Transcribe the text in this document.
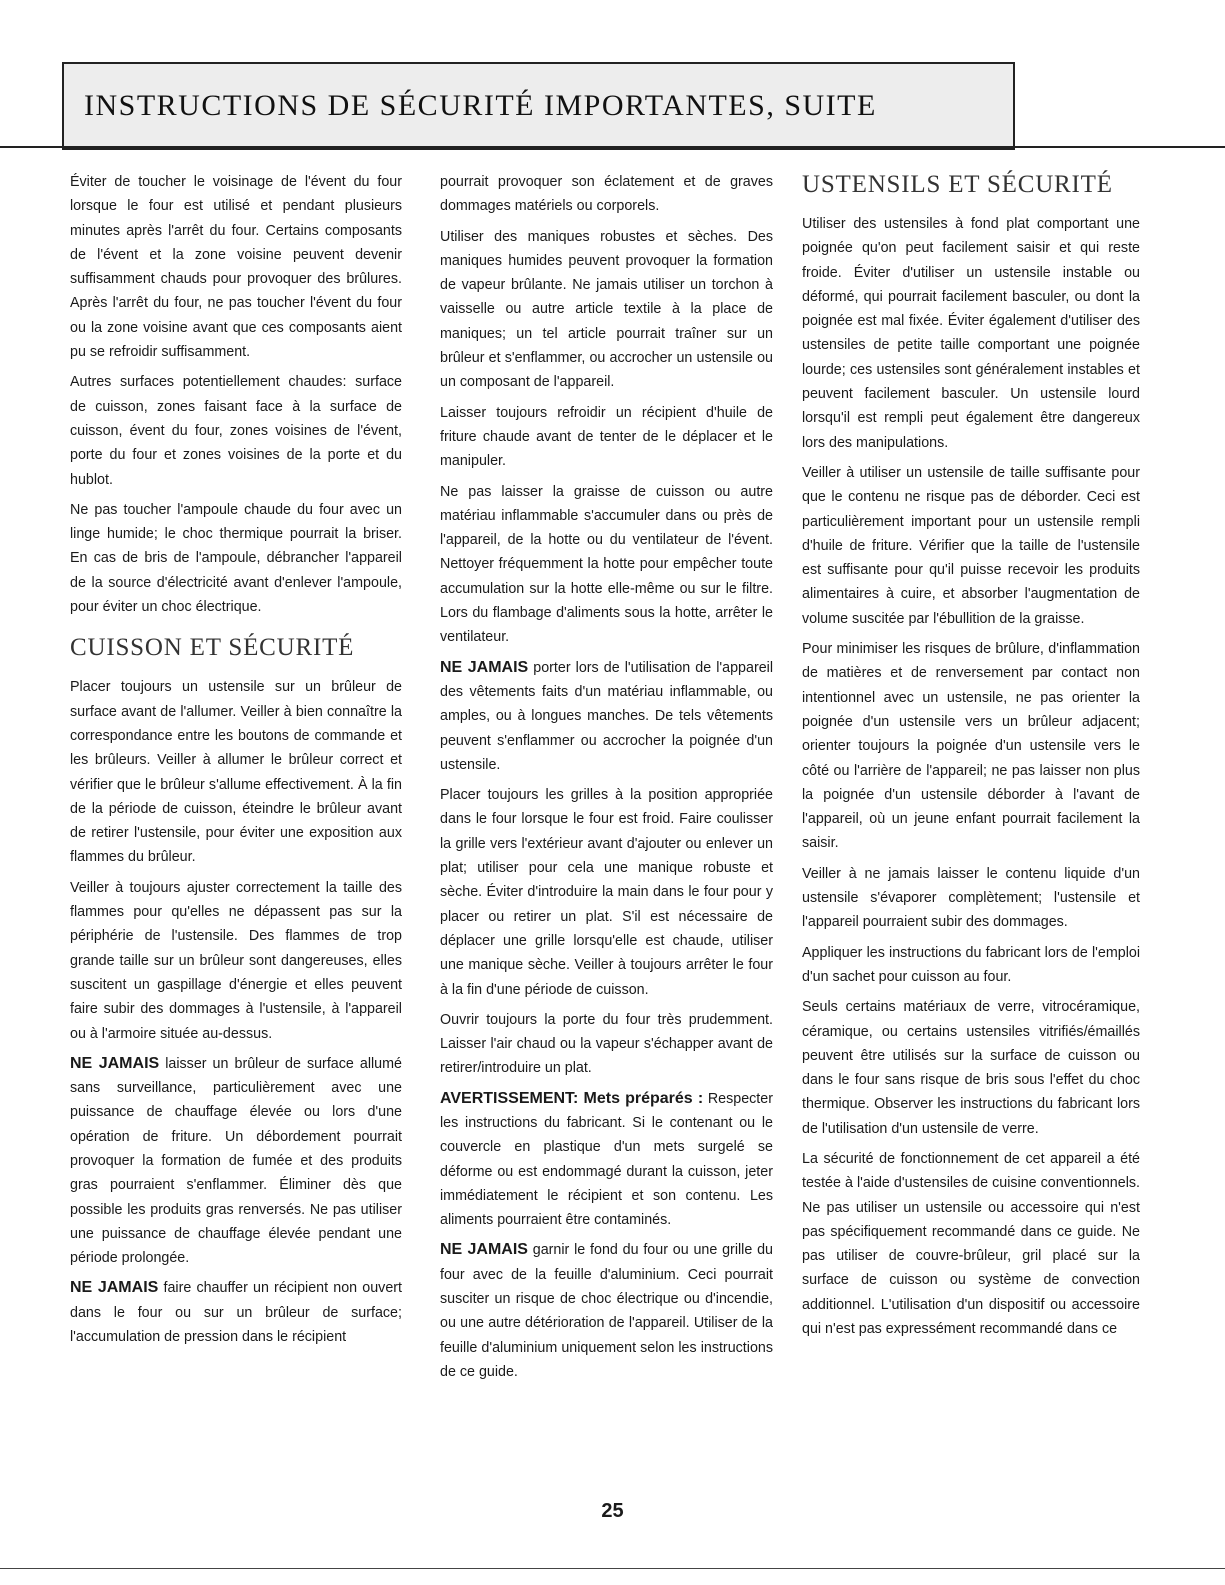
INSTRUCTIONS DE SÉCURITÉ IMPORTANTES, SUITE

Éviter de toucher le voisinage de l'évent du four lorsque le four est utilisé et pendant plusieurs minutes après l'arrêt du four. Certains composants de l'évent et la zone voisine peuvent devenir suffisamment chauds pour provoquer des brûlures. Après l'arrêt du four, ne pas toucher l'évent du four ou la zone voisine avant que ces composants aient pu se refroidir suffisamment.

Autres surfaces potentiellement chaudes: surface de cuisson, zones faisant face à la surface de cuisson, évent du four, zones voisines de l'évent, porte du four et zones voisines de la porte et du hublot.

Ne pas toucher l'ampoule chaude du four avec un linge humide; le choc thermique pourrait la briser. En cas de bris de l'ampoule, débrancher l'appareil de la source d'électricité avant d'enlever l'ampoule, pour éviter un choc électrique.

CUISSON ET SÉCURITÉ

Placer toujours un ustensile sur un brûleur de surface avant de l'allumer. Veiller à bien connaître la correspondance entre les boutons de commande et les brûleurs. Veiller à allumer le brûleur correct et vérifier que le brûleur s'allume effectivement. À la fin de la période de cuisson, éteindre le brûleur avant de retirer l'ustensile, pour éviter une exposition aux flammes du brûleur.

Veiller à toujours ajuster correctement la taille des flammes pour qu'elles ne dépassent pas sur la périphérie de l'ustensile. Des flammes de trop grande taille sur un brûleur sont dangereuses, elles suscitent un gaspillage d'énergie et elles peuvent faire subir des dommages à l'ustensile, à l'appareil ou à l'armoire située au-dessus.

NE JAMAIS laisser un brûleur de surface allumé sans surveillance, particulièrement avec une puissance de chauffage élevée ou lors d'une opération de friture. Un débordement pourrait provoquer la formation de fumée et des produits gras pourraient s'enflammer. Éliminer dès que possible les produits gras renversés. Ne pas utiliser une puissance de chauffage élevée pendant une période prolongée.

NE JAMAIS faire chauffer un récipient non ouvert dans le four ou sur un brûleur de surface; l'accumulation de pression dans le récipient

pourrait provoquer son éclatement et de graves dommages matériels ou corporels.

Utiliser des maniques robustes et sèches. Des maniques humides peuvent provoquer la formation de vapeur brûlante. Ne jamais utiliser un torchon à vaisselle ou autre article textile à la place de maniques; un tel article pourrait traîner sur un brûleur et s'enflammer, ou accrocher un ustensile ou un composant de l'appareil.

Laisser toujours refroidir un récipient d'huile de friture chaude avant de tenter de le déplacer et le manipuler.

Ne pas laisser la graisse de cuisson ou autre matériau inflammable s'accumuler dans ou près de l'appareil, de la hotte ou du ventilateur de l'évent. Nettoyer fréquemment la hotte pour empêcher toute accumulation sur la hotte elle-même ou sur le filtre. Lors du flambage d'aliments sous la hotte, arrêter le ventilateur.

NE JAMAIS porter lors de l'utilisation de l'appareil des vêtements faits d'un matériau inflammable, ou amples, ou à longues manches. De tels vêtements peuvent s'enflammer ou accrocher la poignée d'un ustensile.

Placer toujours les grilles à la position appropriée dans le four lorsque le four est froid. Faire coulisser la grille vers l'extérieur avant d'ajouter ou enlever un plat; utiliser pour cela une manique robuste et sèche. Éviter d'introduire la main dans le four pour y placer ou retirer un plat. S'il est nécessaire de déplacer une grille lorsqu'elle est chaude, utiliser une manique sèche. Veiller à toujours arrêter le four à la fin d'une période de cuisson.

Ouvrir toujours la porte du four très prudemment. Laisser l'air chaud ou la vapeur s'échapper avant de retirer/introduire un plat.

AVERTISSEMENT: Mets préparés : Respecter les instructions du fabricant. Si le contenant ou le couvercle en plastique d'un mets surgelé se déforme ou est endommagé durant la cuisson, jeter immédiatement le récipient et son contenu. Les aliments pourraient être contaminés.

NE JAMAIS garnir le fond du four ou une grille du four avec de la feuille d'aluminium. Ceci pourrait susciter un risque de choc électrique ou d'incendie, ou une autre détérioration de l'appareil. Utiliser de la feuille d'aluminium uniquement selon les instructions de ce guide.

USTENSILS ET SÉCURITÉ

Utiliser des ustensiles à fond plat comportant une poignée qu'on peut facilement saisir et qui reste froide. Éviter d'utiliser un ustensile instable ou déformé, qui pourrait facilement basculer, ou dont la poignée est mal fixée. Éviter également d'utiliser des ustensiles de petite taille comportant une poignée lourde; ces ustensiles sont généralement instables et peuvent facilement basculer. Un ustensile lourd lorsqu'il est rempli peut également être dangereux lors des manipulations.

Veiller à utiliser un ustensile de taille suffisante pour que le contenu ne risque pas de déborder. Ceci est particulièrement important pour un ustensile rempli d'huile de friture. Vérifier que la taille de l'ustensile est suffisante pour qu'il puisse recevoir les produits alimentaires à cuire, et absorber l'augmentation de volume suscitée par l'ébullition de la graisse.

Pour minimiser les risques de brûlure, d'inflammation de matières et de renversement par contact non intentionnel avec un ustensile, ne pas orienter la poignée d'un ustensile vers un brûleur adjacent; orienter toujours la poignée d'un ustensile vers le côté ou l'arrière de l'appareil; ne pas laisser non plus la poignée d'un ustensile déborder à l'avant de l'appareil, où un jeune enfant pourrait facilement la saisir.

Veiller à ne jamais laisser le contenu liquide d'un ustensile s'évaporer complètement; l'ustensile et l'appareil pourraient subir des dommages.

Appliquer les instructions du fabricant lors de l'emploi d'un sachet pour cuisson au four.

Seuls certains matériaux de verre, vitrocéramique, céramique, ou certains ustensiles vitrifiés/émaillés peuvent être utilisés sur la surface de cuisson ou dans le four sans risque de bris sous l'effet du choc thermique. Observer les instructions du fabricant lors de l'utilisation d'un ustensile de verre.

La sécurité de fonctionnement de cet appareil a été testée à l'aide d'ustensiles de cuisine conventionnels. Ne pas utiliser un ustensile ou accessoire qui n'est pas spécifiquement recommandé dans ce guide. Ne pas utiliser de couvre-brûleur, gril placé sur la surface de cuisson ou système de convection additionnel. L'utilisation d'un dispositif ou accessoire qui n'est pas expressément recommandé dans ce

25
